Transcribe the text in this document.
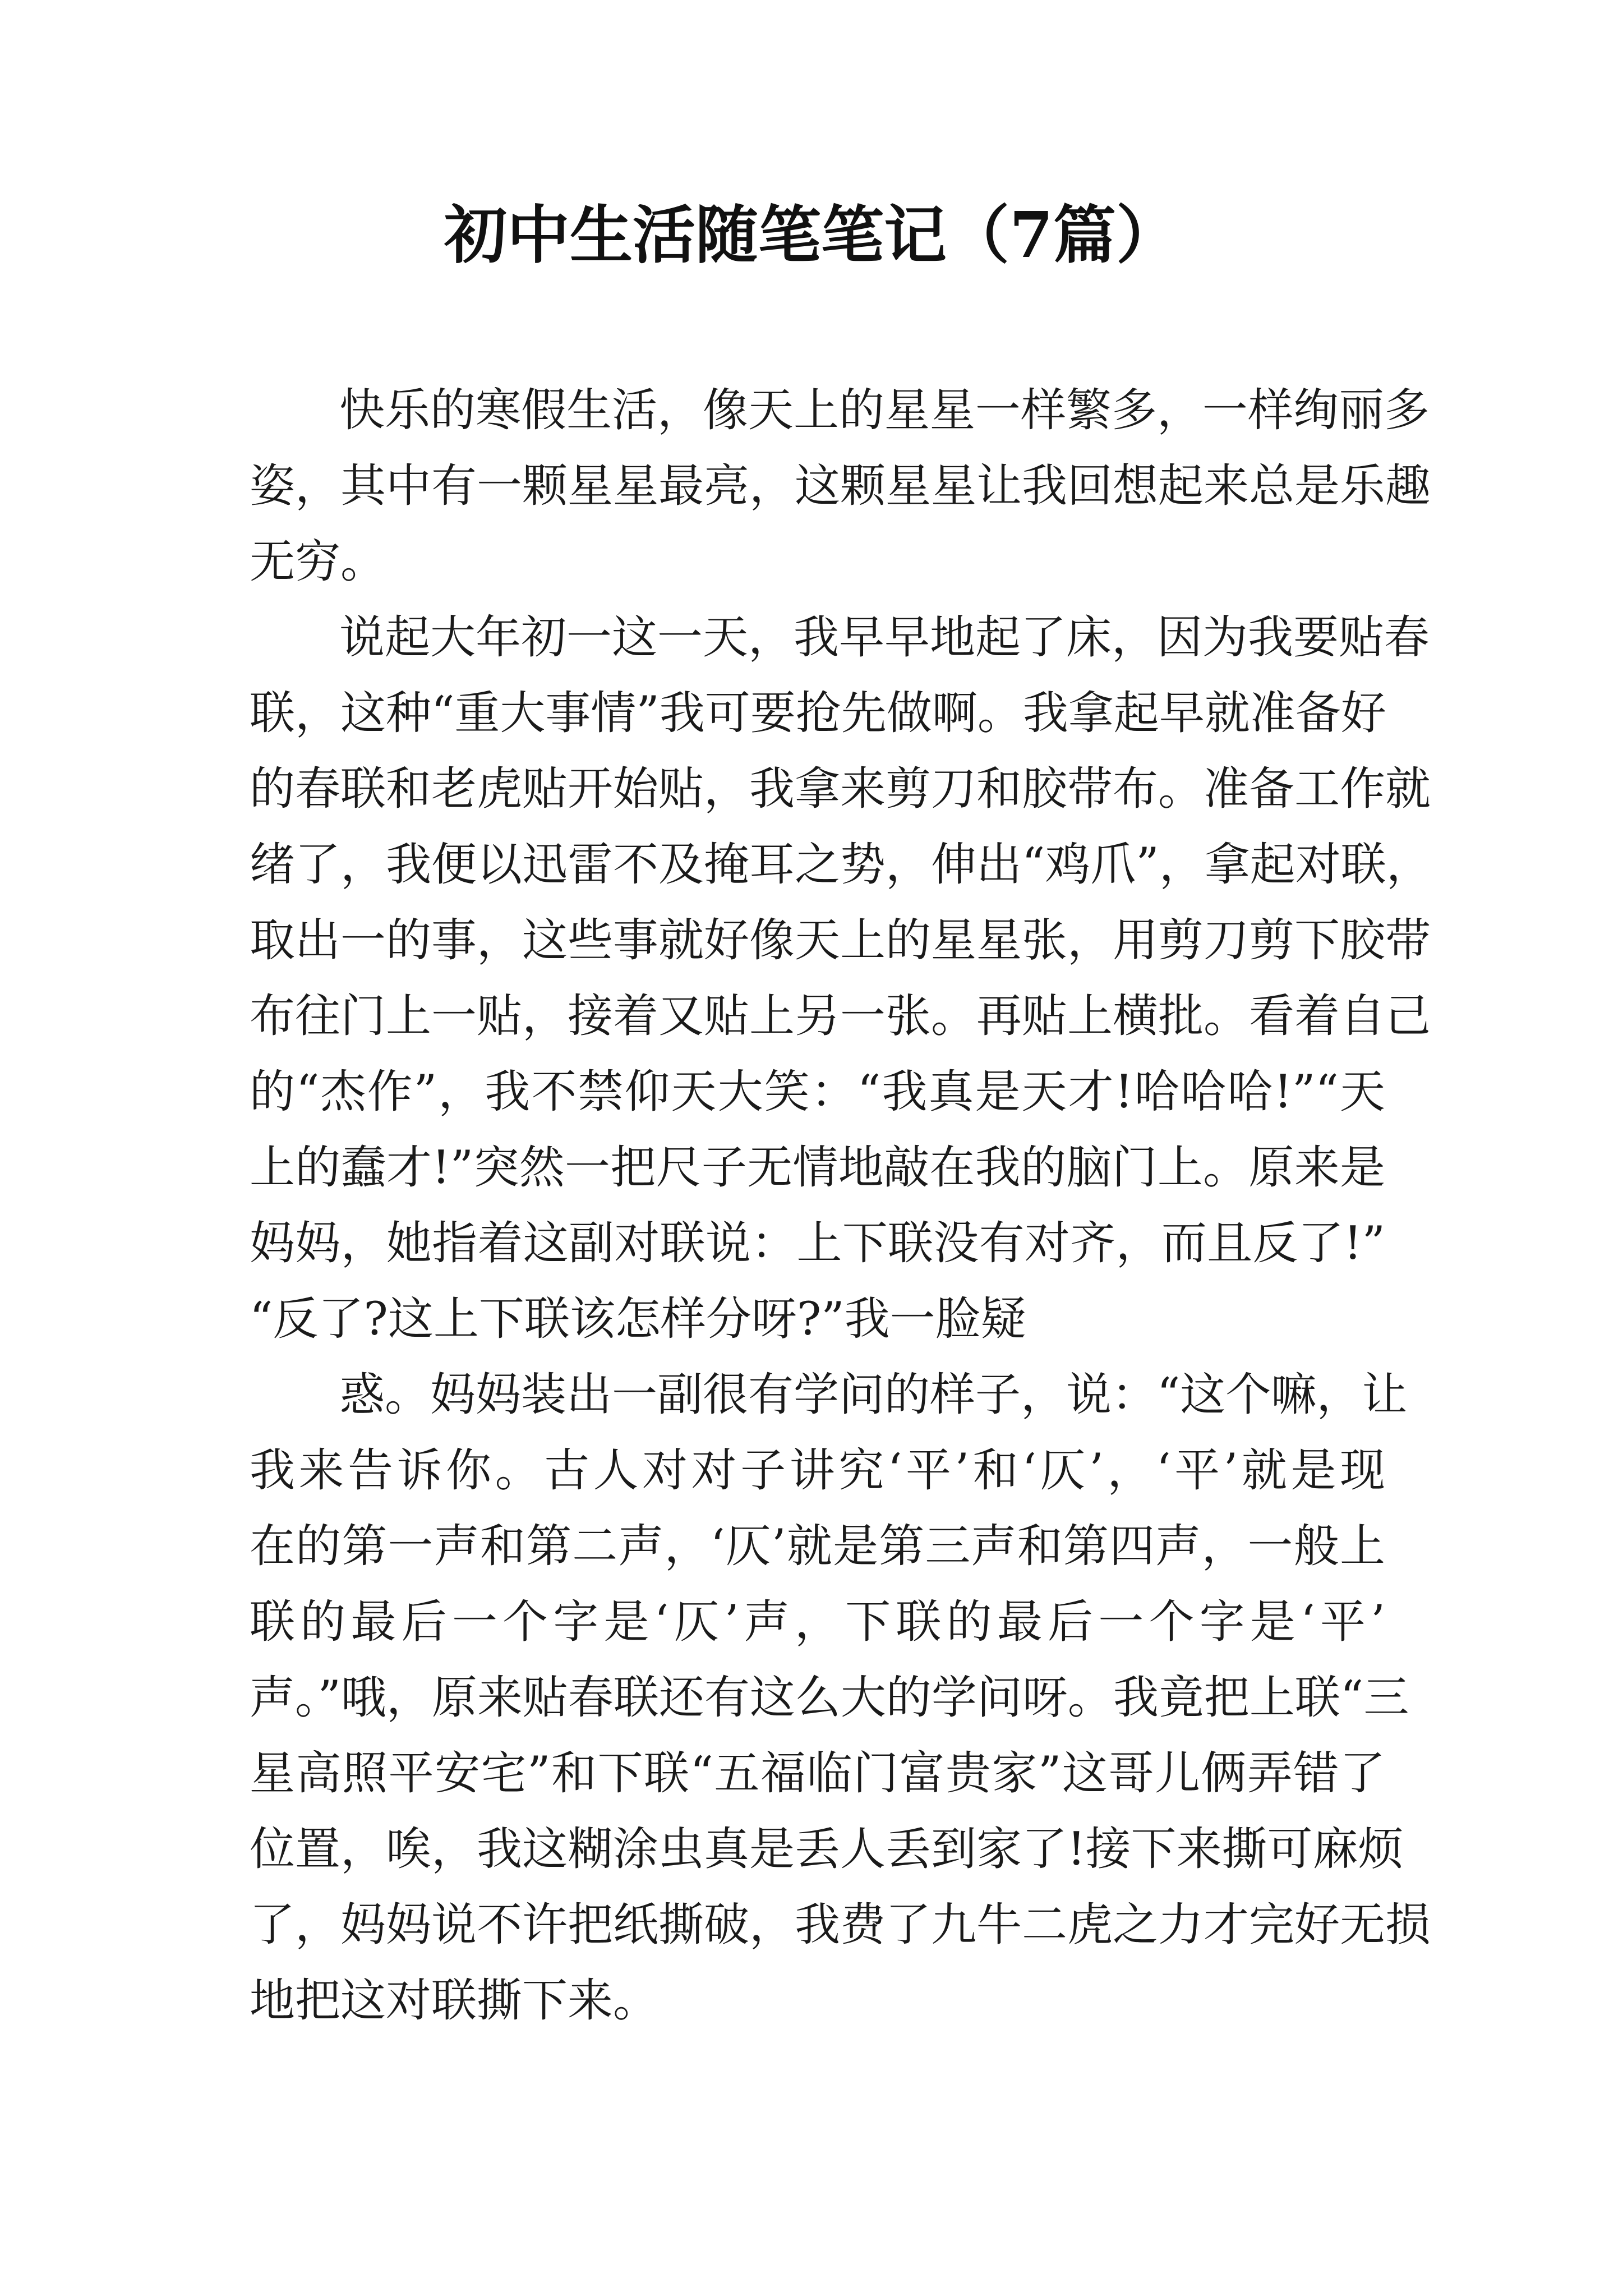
初中生活随笔笔记（7篇）
快乐的寒假生活，像天上的星星一样繁多，一样绚丽多
姿，其中有一颗星星最亮，这颗星星让我回想起来总是乐趣
无穷。
说起大年初一这一天，我早早地起了床，因为我要贴春
联，这种“重大事情”我可要抢先做啊。我拿起早就准备好
的春联和老虎贴开始贴，我拿来剪刀和胶带布。准备工作就
绪了，我便以迅雷不及掩耳之势，伸出“鸡爪”，拿起对联，
取出一的事，这些事就好像天上的星星张，用剪刀剪下胶带
布往门上一贴，接着又贴上另一张。再贴上横批。看着自己
的“杰作”，我不禁仰天大笑：“我真是天才!哈哈哈!”“天
上的蠢才!”突然一把尺子无情地敲在我的脑门上。原来是
妈妈，她指着这副对联说：上下联没有对齐，而且反了!”
“反了?这上下联该怎样分呀?”我一脸疑
惑。妈妈装出一副很有学问的样子，说：“这个嘛，让
我来告诉你。古人对对子讲究‘平’和‘仄’，‘平’就是现
在的第一声和第二声，‘仄’就是第三声和第四声，一般上
联的最后一个字是‘仄’声，下联的最后一个字是‘平’
声。”哦，原来贴春联还有这么大的学问呀。我竟把上联“三
星高照平安宅”和下联“五福临门富贵家”这哥儿俩弄错了
位置，唉，我这糊涂虫真是丢人丢到家了!接下来撕可麻烦
了，妈妈说不许把纸撕破，我费了九牛二虎之力才完好无损
地把这对联撕下来。
